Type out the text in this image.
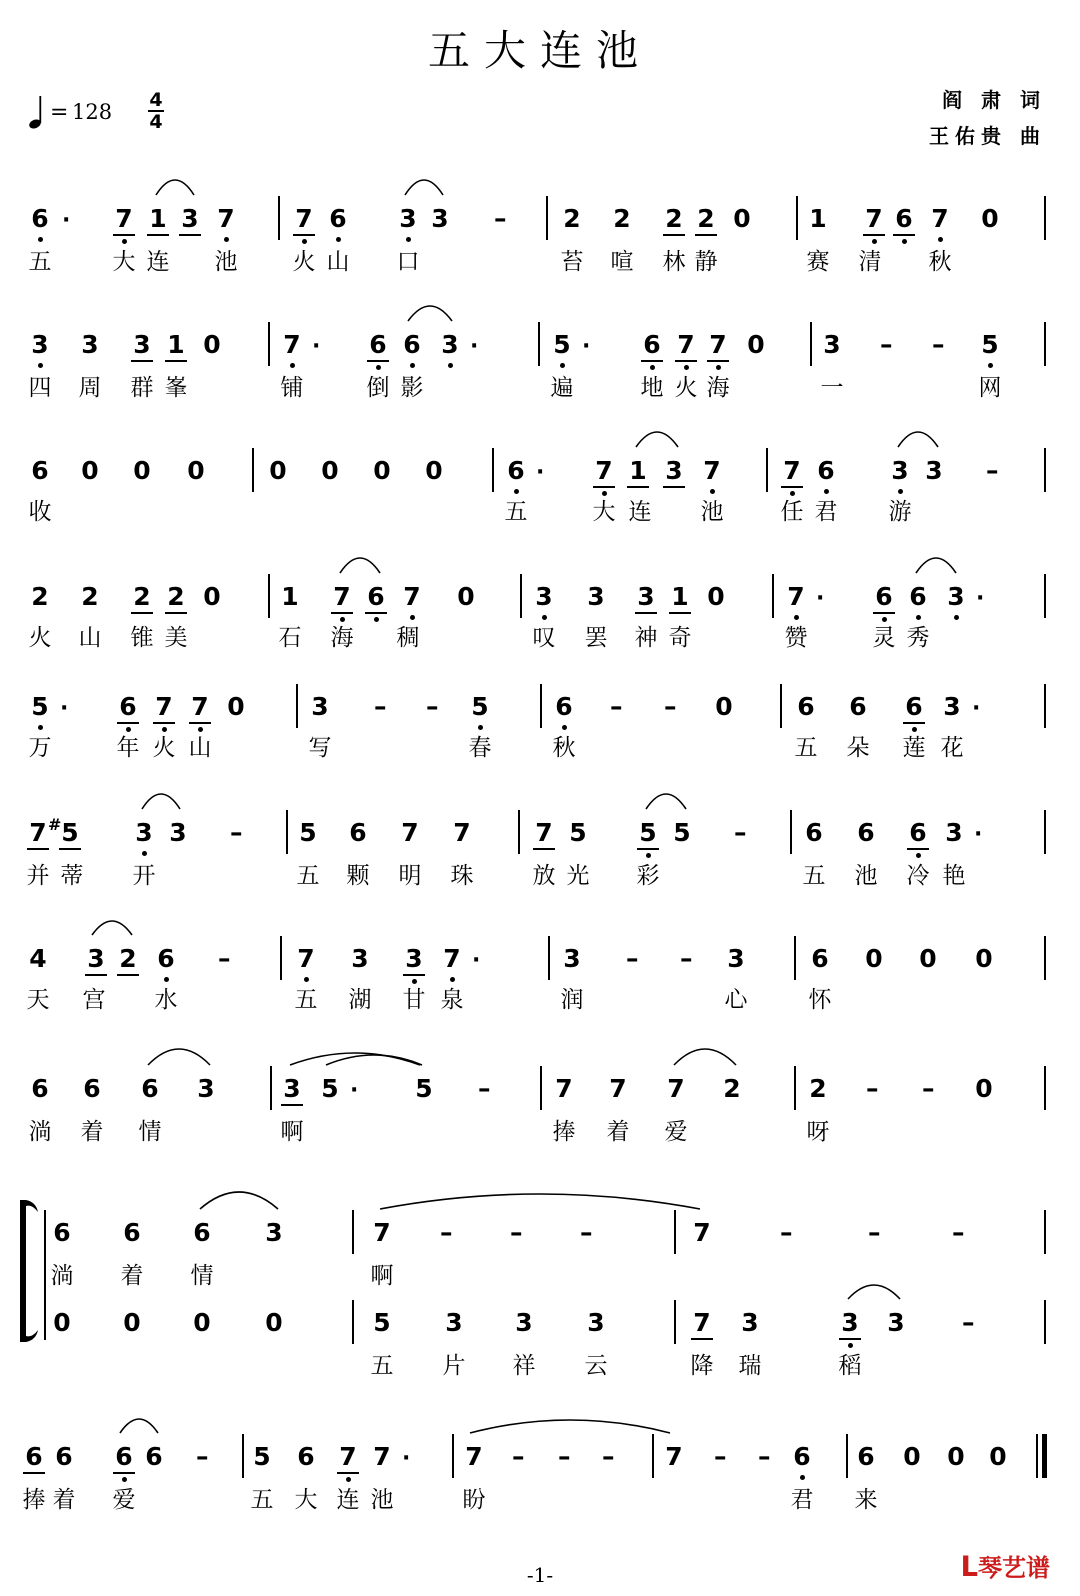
五大连池
= 128 4
4
阎 肃 词
王佑贵 曲
6 · 7 1 3 7 7 6 3 3 – 2 2 2 2 0 1 7 6 7 0
五	大 连	池	火 山	口	苔	喧	林 静	赛	清	秋
3 3 3 1 0	7 · 6 6 3 ·	5 · 6 7 7 0 3 – – 5
四	周	群 峯	铺	倒 影	遍	地 火 海	一	网
6 0 0 0	0 0 0 0	6 · 7 1 3 7	7 6 3 3 –
收	五	大 连	池	任 君	游
2 2 2 2 0 1 7 6 7 0 3 3 3 1 0	7 · 6 6 3 ·
火	山	锥 美	石	海	稠	叹	罢	神 奇	赞	灵 秀
5 · 6 7 7 0	3 – – 5	6 – – 0	6 6 6 3 ·
万	年 火 山	写	春	秋	五	朵	莲 花
7 5
#	3 3 – 5 6 7 7	7 5 5 5 – 6 6 6 3 ·
并 蒂	开	五	颗	明	珠	放 光	彩	五	池	冷 艳
4 3 2 6 –	7 3 3 7 ·	3 – – 3	6 0 0 0
天	宫	水	五	湖	甘 泉	润	心	怀
6 6 6 3	3 5 · 5 –	7 7 7 2	2 – – 0
淌	着	情	啊	捧	着	爱	呀
6 6 6 3	7 – – –	7	–	–	–
淌	着	情	啊
0 0 0 0	5 3 3 3	7 3	3 3 –
五	片	祥	云	降	瑞	稻
6 6 6 6 – 5 6 7 7 · 7 – – – 7 – – 6 6 0 0 0
捧 着	爱	五 大 连 池	盼	君	来
-1-	ᒪ琴艺谱
